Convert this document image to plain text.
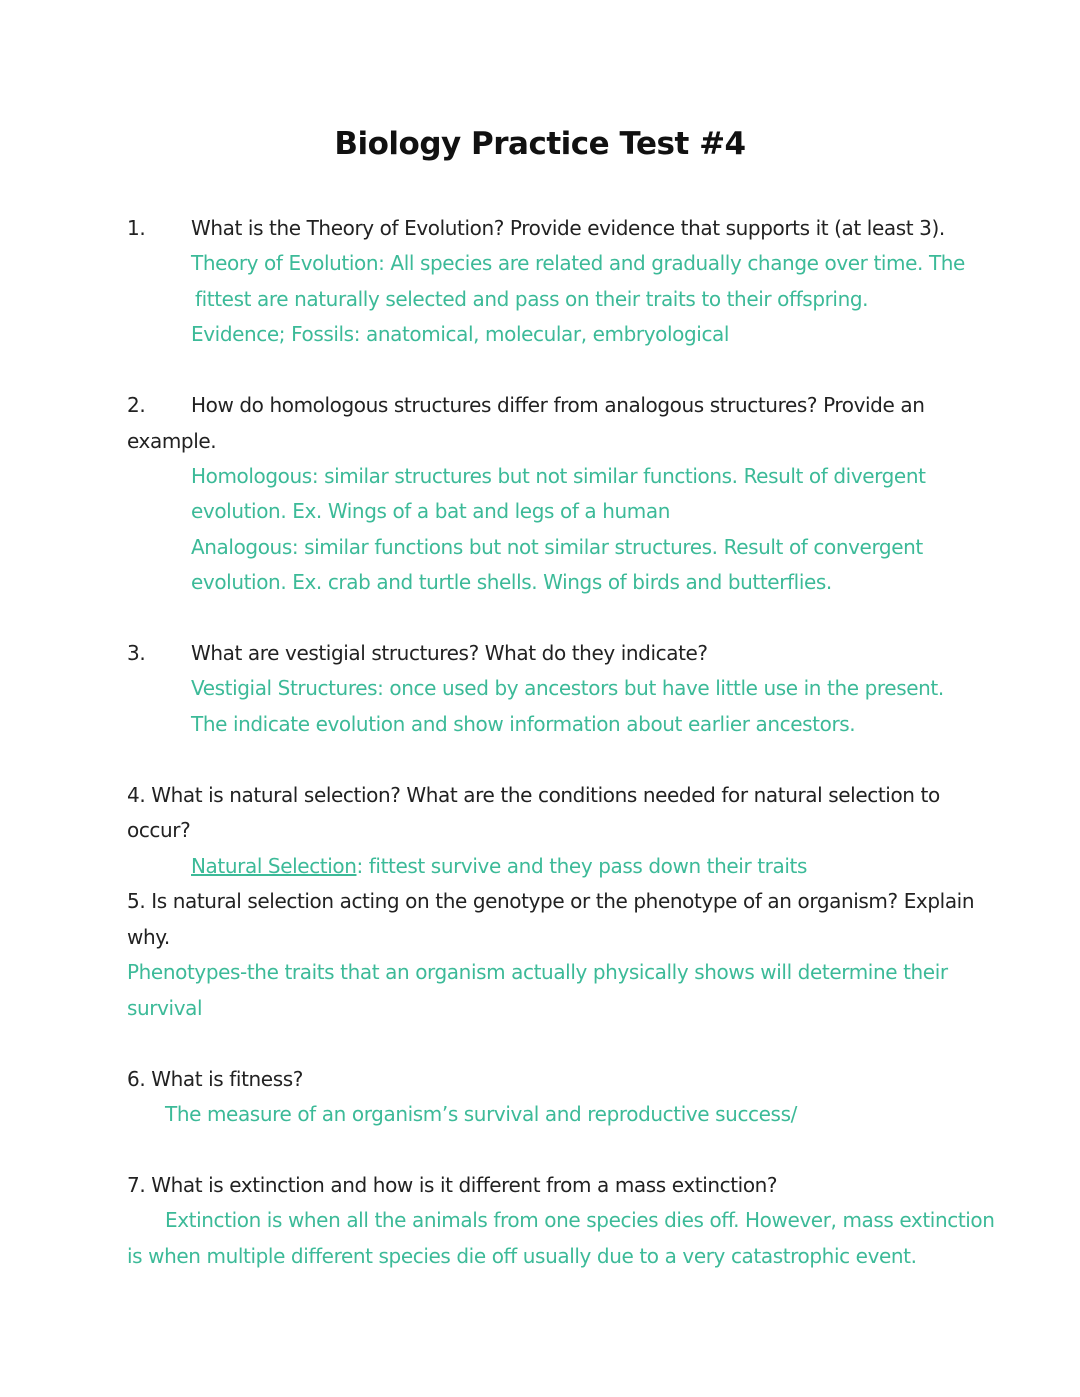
Biology Practice Test #4
1. What is the Theory of Evolution? Provide evidence that supports it (at least 3).
Theory of Evolution: All species are related and gradually change over time. The
fittest are naturally selected and pass on their traits to their offspring.
Evidence; Fossils: anatomical, molecular, embryological
2. How do homologous structures differ from analogous structures? Provide an
example.
Homologous: similar structures but not similar functions. Result of divergent
evolution. Ex. Wings of a bat and legs of a human
Analogous: similar functions but not similar structures. Result of convergent
evolution. Ex. crab and turtle shells. Wings of birds and butterflies.
3. What are vestigial structures? What do they indicate?
Vestigial Structures: once used by ancestors but have little use in the present.
The indicate evolution and show information about earlier ancestors.
4. What is natural selection? What are the conditions needed for natural selection to
occur?
Natural Selection: fittest survive and they pass down their traits
5. Is natural selection acting on the genotype or the phenotype of an organism? Explain
why.
Phenotypes-the traits that an organism actually physically shows will determine their
survival
6. What is fitness?
The measure of an organism’s survival and reproductive success/
7. What is extinction and how is it different from a mass extinction?
Extinction is when all the animals from one species dies off. However, mass extinction
is when multiple different species die off usually due to a very catastrophic event.
